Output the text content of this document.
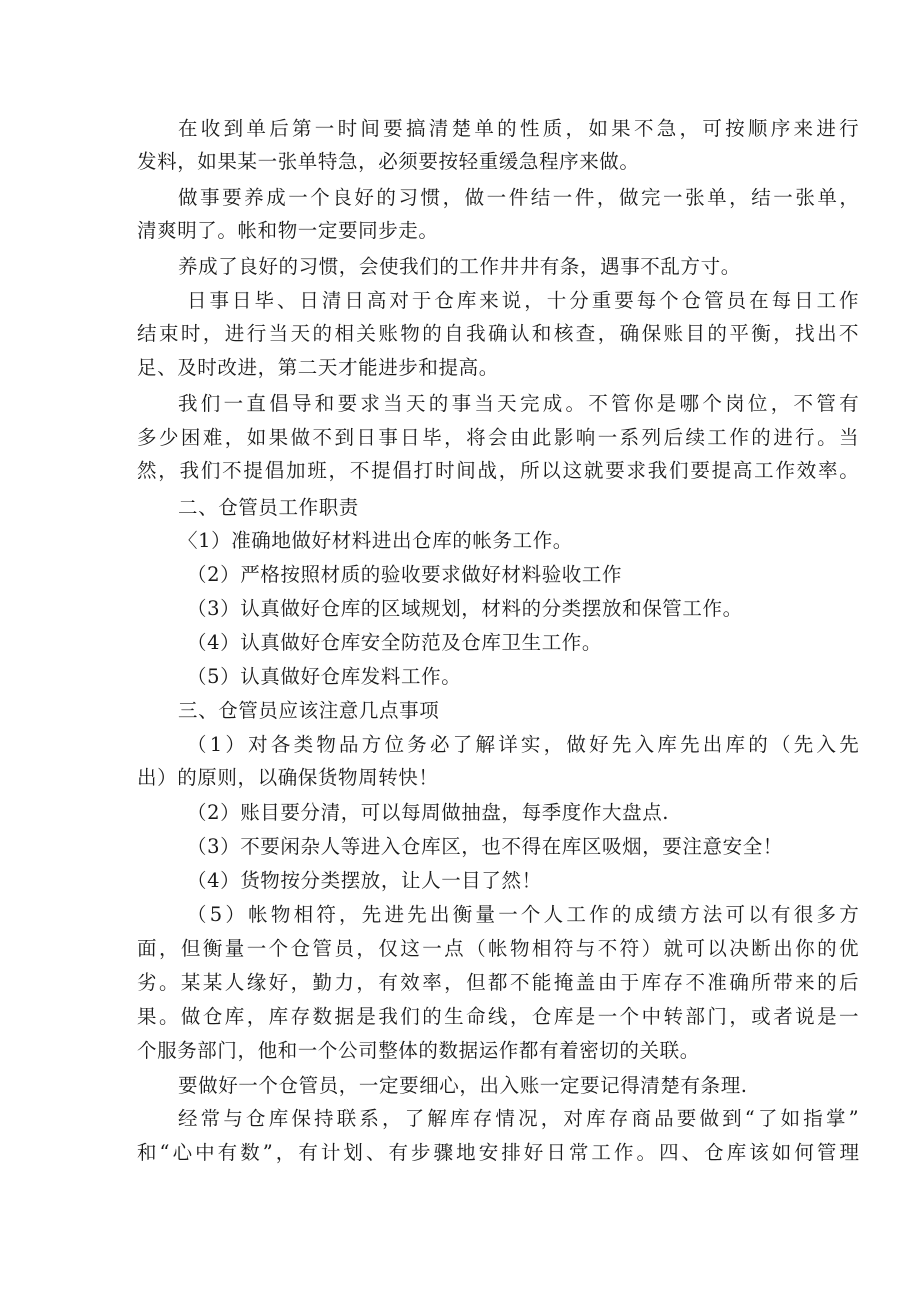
在 收 到 单 后 第 一 时 间 要 搞 清 楚 单 的 性 质 ， 如 果 不 急 ， 可 按 顺 序 来 进 行
发料，如果某一张单特急，必须要按轻重缓急程序来做。
做 事 要 养 成 一 个 良 好 的 习 惯 ， 做 一 件 结 一 件 ， 做 完 一 张 单 ， 结 一 张 单 ，
清爽明了。帐和物一定要同步走。
养成了良好的习惯，会使我们的工作井井有条，遇事不乱方寸。
日 事 日 毕 、 日 清 日 高 对 于 仓 库 来 说 ， 十 分 重 要 每 个 仓 管 员 在 每 日 工 作
结 束 时 ， 进 行 当 天 的 相 关 账 物 的 自 我 确 认 和 核 查 ， 确 保 账 目 的 平 衡 ， 找 出 不
足、及时改进，第二天才能进步和提高。
我 们 一 直 倡 导 和 要 求 当 天 的 事 当 天 完 成 。 不 管 你 是 哪 个 岗 位 ， 不 管 有
多 少 困 难 ， 如 果 做 不 到 日 事 日 毕 ， 将 会 由 此 影 响 一 系 列 后 续 工 作 的 进 行 。 当
然 ， 我 们 不 提 倡 加 班 ， 不 提 倡 打 时 间 战 ， 所 以 这 就 要 求 我 们 要 提 高 工 作 效 率 。
二、仓管员工作职责
〈1）准确地做好材料进出仓库的帐务工作。
（2）严格按照材质的验收要求做好材料验收工作
（3）认真做好仓库的区域规划，材料的分类摆放和保管工作。
（4）认真做好仓库安全防范及仓库卫生工作。
（5）认真做好仓库发料工作。
三、仓管员应该注意几点事项
（ 1 ） 对 各 类 物 品 方 位 务 必 了 解 详 实 ， 做 好 先 入 库 先 出 库 的 （ 先 入 先
出）的原则，以确保货物周转快！
（2）账目要分清，可以每周做抽盘，每季度作大盘点.
（3）不要闲杂人等进入仓库区，也不得在库区吸烟，要注意安全！
（4）货物按分类摆放，让人一目了然！
（ 5 ） 帐 物 相 符 ， 先 进 先 出 衡 量 一 个 人 工 作 的 成 绩 方 法 可 以 有 很 多 方
面 ， 但 衡 量 一 个 仓 管 员 ， 仅 这 一 点 （ 帐 物 相 符 与 不 符 ） 就 可 以 决 断 出 你 的 优
劣 。 某 某 人 缘 好 ， 勤 力 ， 有 效 率 ， 但 都 不 能 掩 盖 由 于 库 存 不 准 确 所 带 来 的 后
果 。 做 仓 库 ， 库 存 数 据 是 我 们 的 生 命 线 ， 仓 库 是 一 个 中 转 部 门 ， 或 者 说 是 一
个服务部门，他和一个公司整体的数据运作都有着密切的关联。
要做好一个仓管员，一定要细心，出入账一定要记得清楚有条理.
经 常 与 仓 库 保 持 联 系 ， 了 解 库 存 情 况 ， 对 库 存 商 品 要 做 到 “ 了 如 指 掌 ”
和 “ 心 中 有 数 ” ， 有 计 划 、 有 步 骤 地 安 排 好 日 常 工 作 。 四 、 仓 库 该 如 何 管 理
